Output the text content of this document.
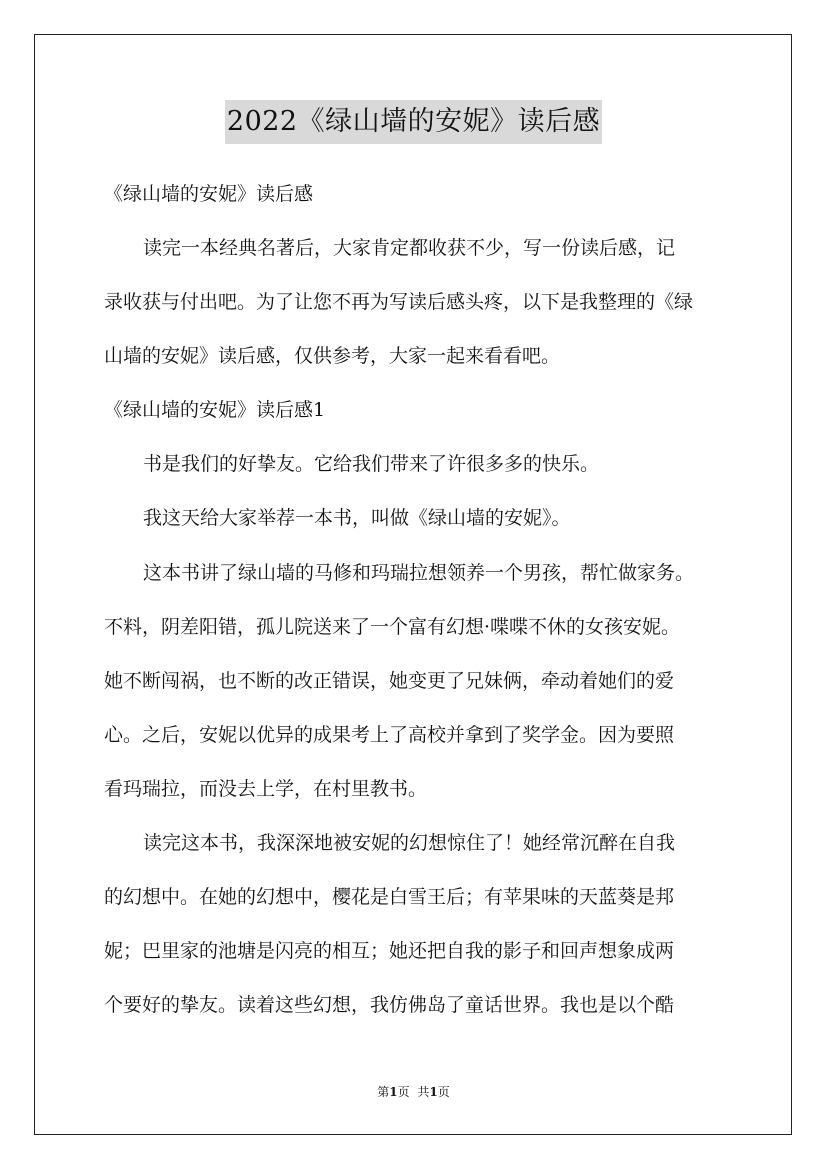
2022《绿山墙的安妮》读后感
《绿山墙的安妮》读后感
读完一本经典名著后，大家肯定都收获不少，写一份读后感，记
录收获与付出吧。为了让您不再为写读后感头疼，以下是我整理的《绿
山墙的安妮》读后感，仅供参考，大家一起来看看吧。
《绿山墙的安妮》读后感1
书是我们的好挚友。它给我们带来了许很多多的快乐。
我这天给大家举荐一本书，叫做《绿山墙的安妮》。
这本书讲了绿山墙的马修和玛瑞拉想领养一个男孩，帮忙做家务。
不料，阴差阳错，孤儿院送来了一个富有幻想·喋喋不休的女孩安妮。
她不断闯祸，也不断的改正错误，她变更了兄妹俩，牵动着她们的爱
心。之后，安妮以优异的成果考上了高校并拿到了奖学金。因为要照
看玛瑞拉，而没去上学，在村里教书。
读完这本书，我深深地被安妮的幻想惊住了！她经常沉醉在自我
的幻想中。在她的幻想中，樱花是白雪王后；有苹果味的天蓝葵是邦
妮；巴里家的池塘是闪亮的相互；她还把自我的影子和回声想象成两
个要好的挚友。读着这些幻想，我仿佛岛了童话世界。我也是以个酷
第1页 共1页
